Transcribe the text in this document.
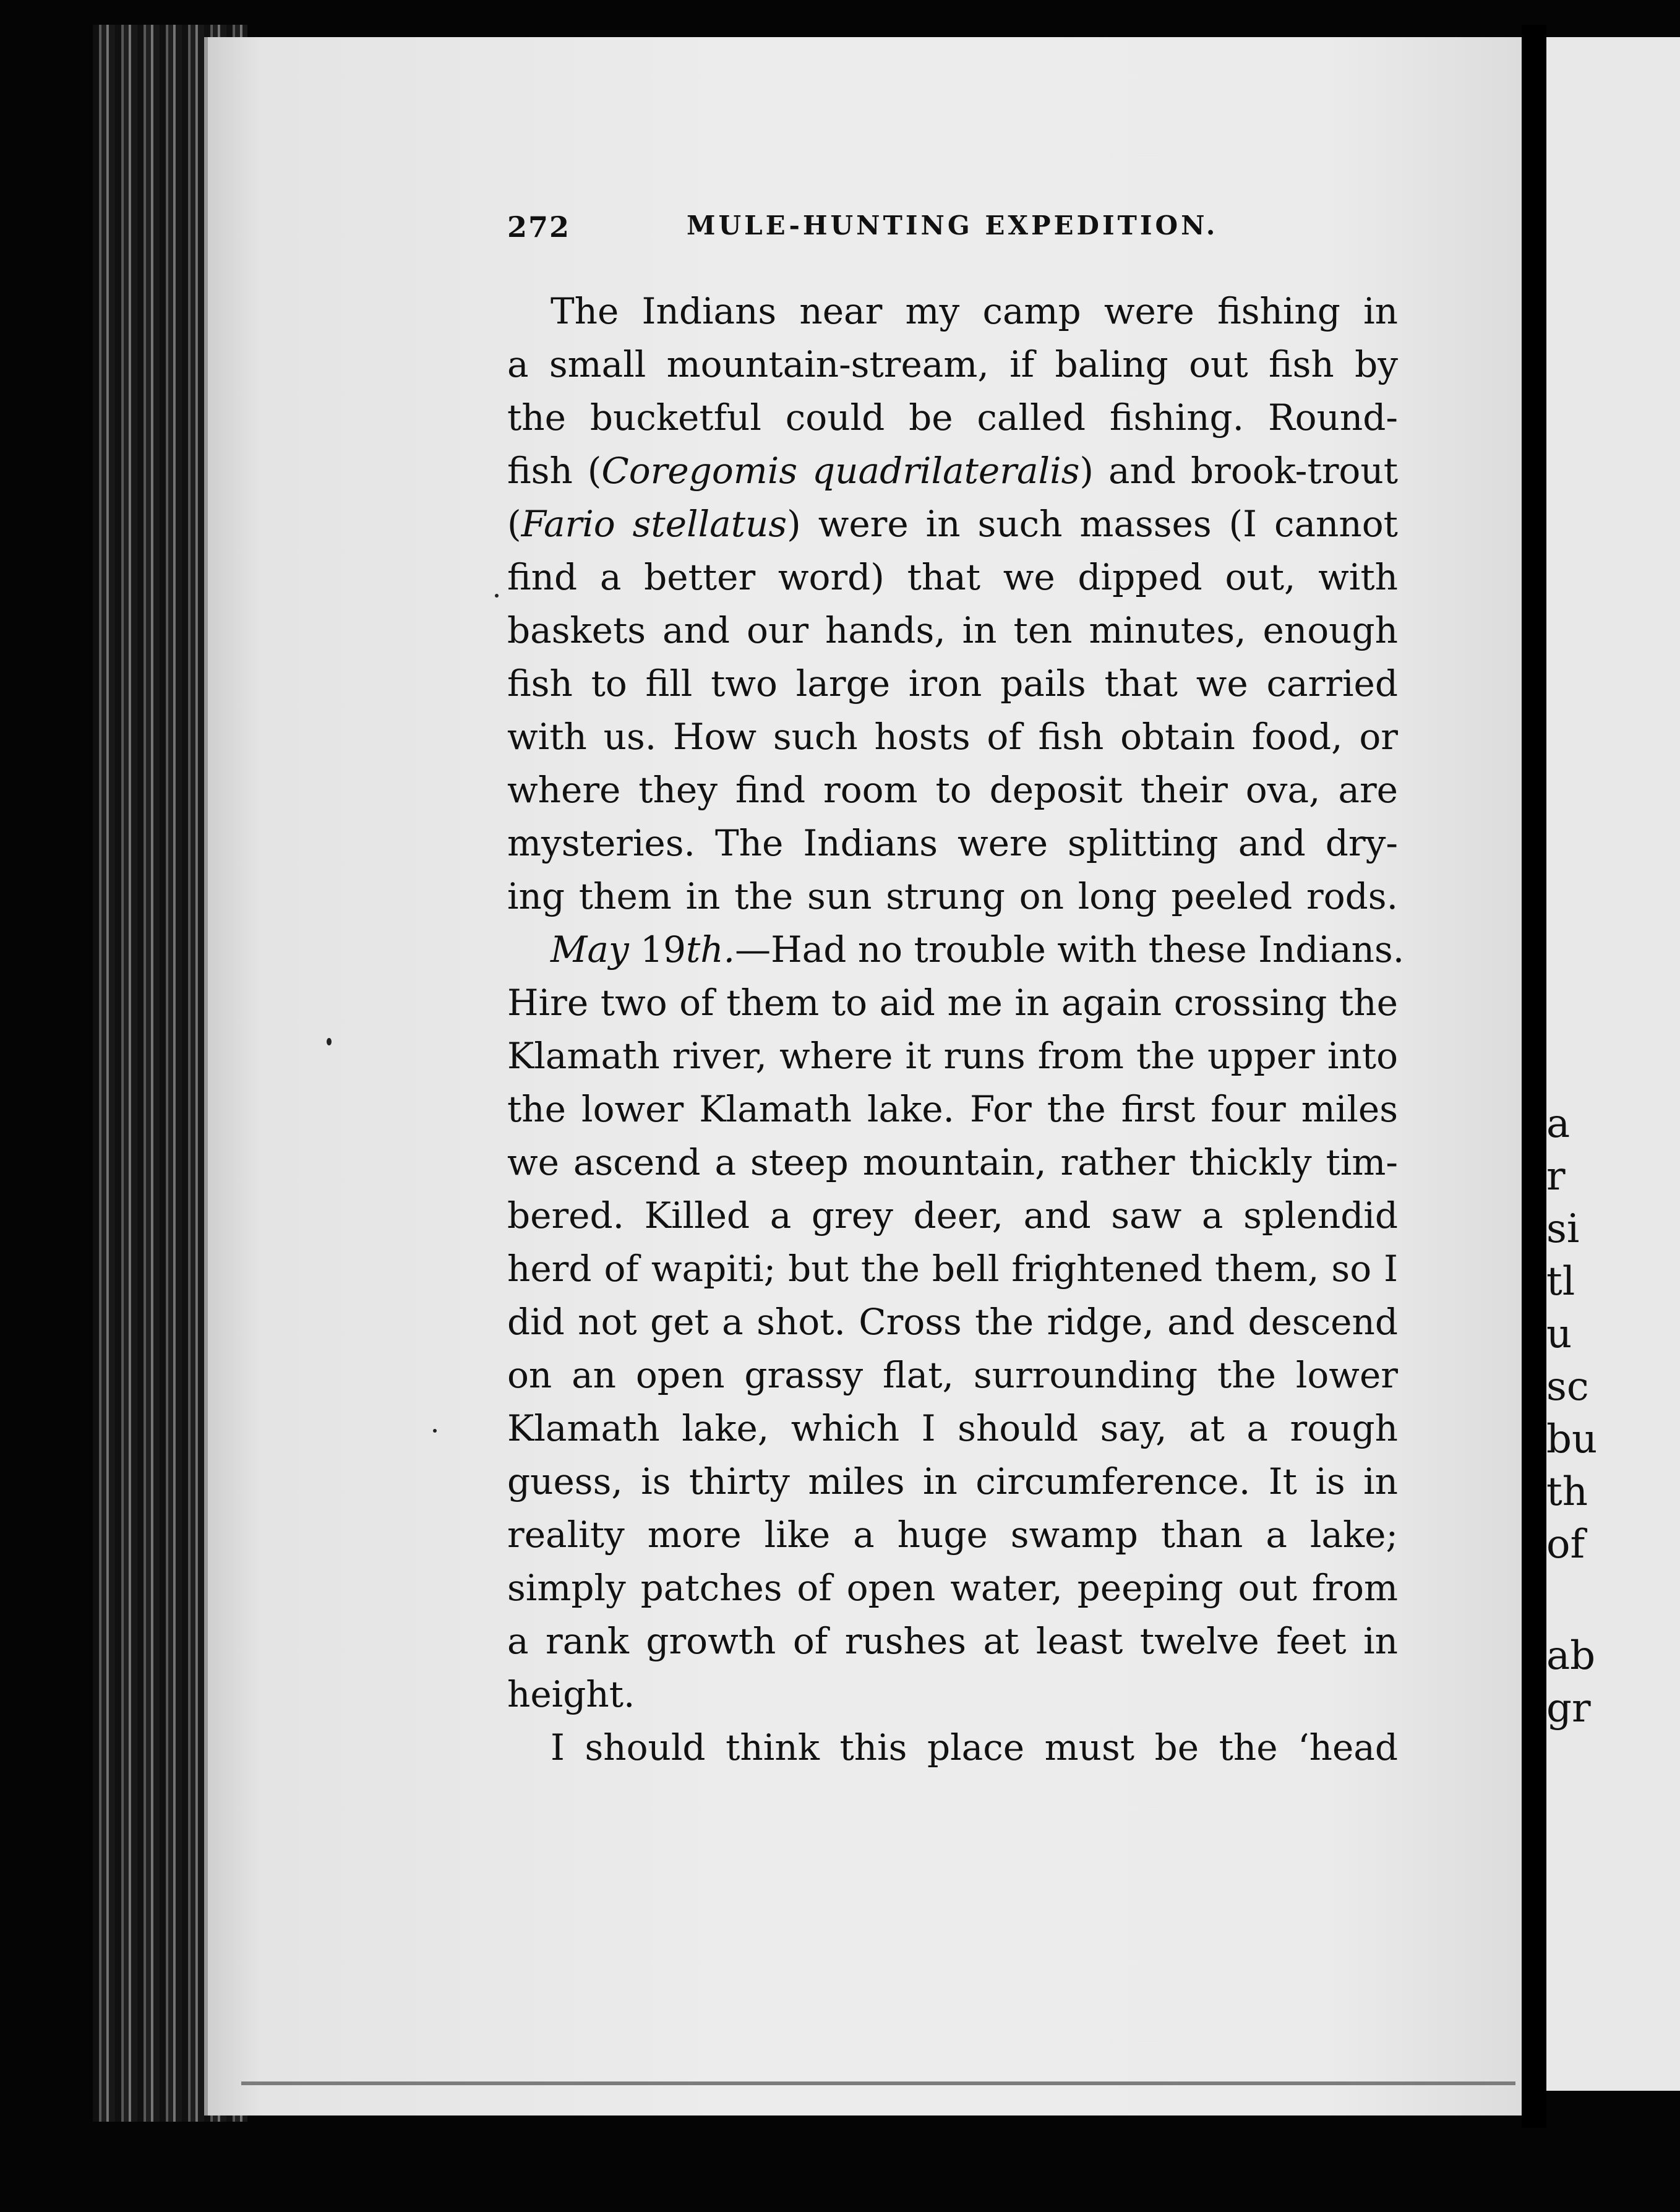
a
r
si
tl
u
sc
bu
th
of
ab
gr
272	MULE-HUNTING EXPEDITION.
The Indians near my camp were fishing in
a small mountain-stream, if baling out fish by
the bucketful could be called fishing. Round-
fish (Coregomis quadrilateralis) and brook-trout
(Fario stellatus) were in such masses (I cannot
find a better word) that we dipped out, with
baskets and our hands, in ten minutes, enough
fish to fill two large iron pails that we carried
with us. How such hosts of fish obtain food, or
where they find room to deposit their ova, are
mysteries. The Indians were splitting and dry-
ing them in the sun strung on long peeled rods.
May 19th.—Had no trouble with these Indians.
Hire two of them to aid me in again crossing the
Klamath river, where it runs from the upper into
the lower Klamath lake. For the first four miles
we ascend a steep mountain, rather thickly tim-
bered. Killed a grey deer, and saw a splendid
herd of wapiti; but the bell frightened them, so I
did not get a shot. Cross the ridge, and descend
on an open grassy flat, surrounding the lower
Klamath lake, which I should say, at a rough
guess, is thirty miles in circumference. It is in
reality more like a huge swamp than a lake;
simply patches of open water, peeping out from
a rank growth of rushes at least twelve feet in
height.
I should think this place must be the ‘head
